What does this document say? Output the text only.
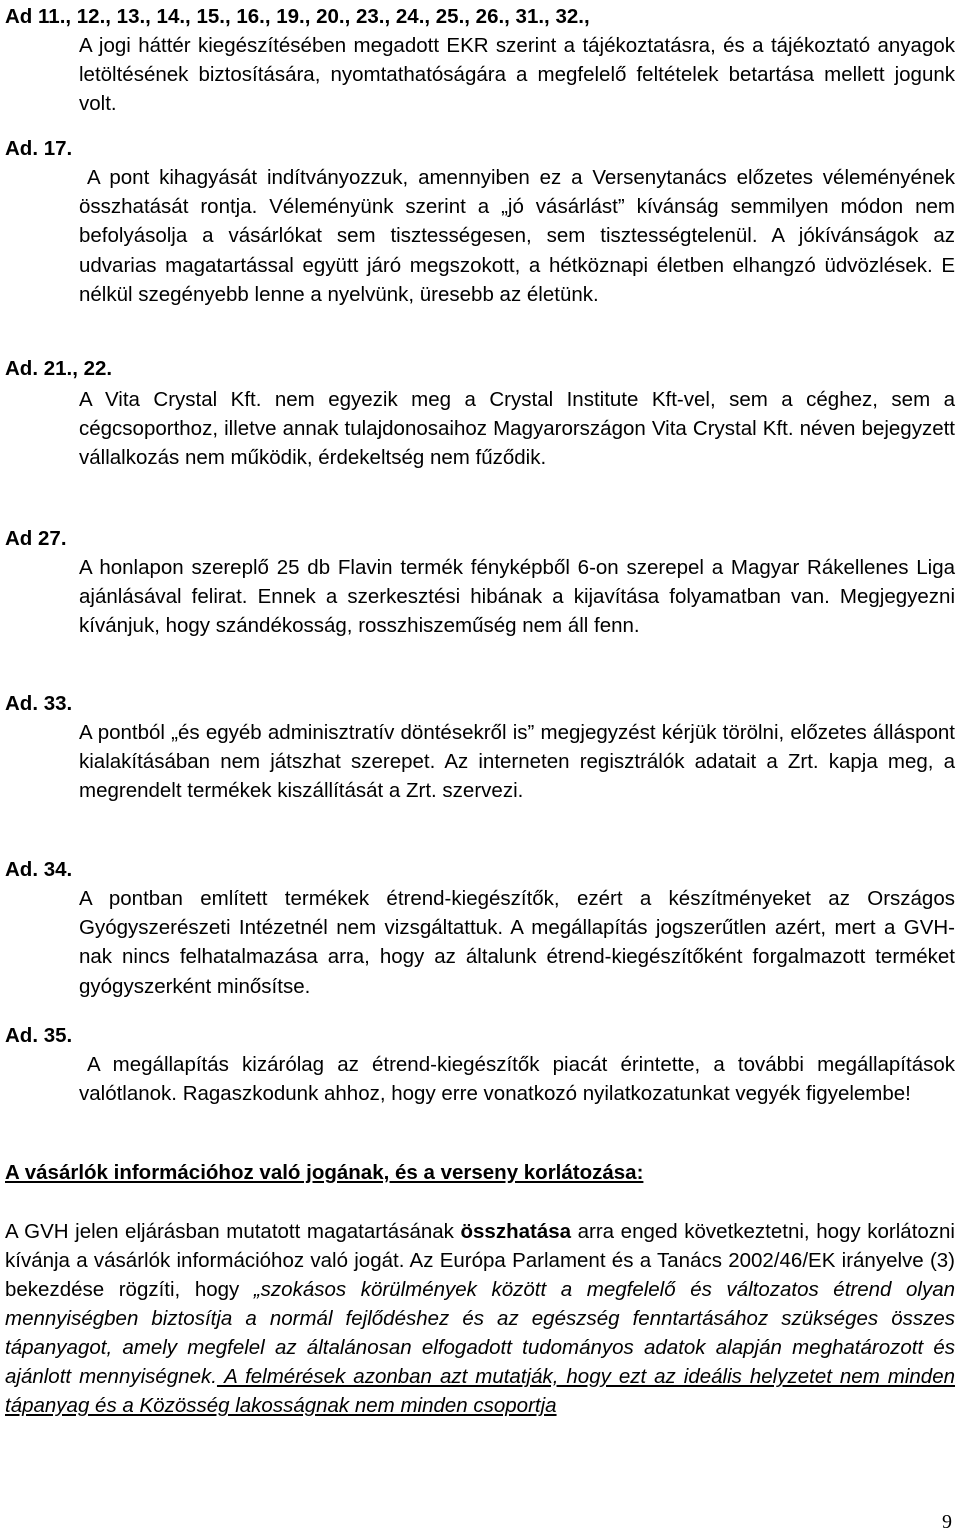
Ad 11., 12., 13., 14., 15., 16., 19., 20., 23., 24., 25., 26., 31., 32.,
A jogi háttér kiegészítésében megadott EKR szerint a tájékoztatásra, és a tájékoztató anyagok letöltésének biztosítására, nyomtathatóságára a megfelelő feltételek betartása mellett jogunk volt.
Ad. 17.
A pont kihagyását indítványozzuk, amennyiben ez a Versenytanács előzetes véleményének összhatását rontja. Véleményünk szerint a „jó vásárlást” kívánság semmilyen módon nem befolyásolja a vásárlókat sem tisztességesen, sem tisztességtelenül. A jókívánságok az udvarias magatartással együtt járó megszokott, a hétköznapi életben elhangzó üdvözlések. E nélkül szegényebb lenne a nyelvünk, üresebb az életünk.
Ad. 21., 22.
A Vita Crystal Kft. nem egyezik meg a Crystal Institute Kft-vel, sem a céghez, sem a cégcsoporthoz, illetve annak tulajdonosaihoz Magyarországon Vita Crystal Kft. néven bejegyzett vállalkozás nem működik, érdekeltség nem fűződik.
Ad 27.
A honlapon szereplő 25 db Flavin termék fényképből 6-on szerepel a Magyar Rákellenes Liga ajánlásával felirat. Ennek a szerkesztési hibának a kijavítása folyamatban van. Megjegyezni kívánjuk, hogy szándékosság, rosszhiszeműség nem áll fenn.
Ad. 33.
A pontból „és egyéb adminisztratív döntésekről is” megjegyzést kérjük törölni, előzetes álláspont kialakításában nem játszhat szerepet. Az interneten regisztrálók adatait a Zrt. kapja meg, a megrendelt termékek kiszállítását a Zrt. szervezi.
Ad. 34.
A pontban említett termékek étrend-kiegészítők, ezért a készítményeket az Országos Gyógyszerészeti Intézetnél nem vizsgáltattuk. A megállapítás jogszerűtlen azért, mert a GVH-nak nincs felhatalmazása arra, hogy az általunk étrend-kiegészítőként forgalmazott terméket gyógyszerként minősítse.
Ad. 35.
A megállapítás kizárólag az étrend-kiegészítők piacát érintette, a további megállapítások valótlanok. Ragaszkodunk ahhoz, hogy erre vonatkozó nyilatkozatunkat vegyék figyelembe!
A vásárlók információhoz való jogának, és a verseny korlátozása:
A GVH jelen eljárásban mutatott magatartásának összhatása arra enged következtetni, hogy korlátozni kívánja a vásárlók információhoz való jogát. Az Európa Parlament és a Tanács 2002/46/EK irányelve (3) bekezdése rögzíti, hogy „szokásos körülmények között a megfelelő és változatos étrend olyan mennyiségben biztosítja a normál fejlődéshez és az egészség fenntartásához szükséges összes tápanyagot, amely megfelel az általánosan elfogadott tudományos adatok alapján meghatározott és ajánlott mennyiségnek. A felmérések azonban azt mutatják, hogy ezt az ideális helyzetet nem minden tápanyag és a Közösség lakosságnak nem minden csoportja
9
